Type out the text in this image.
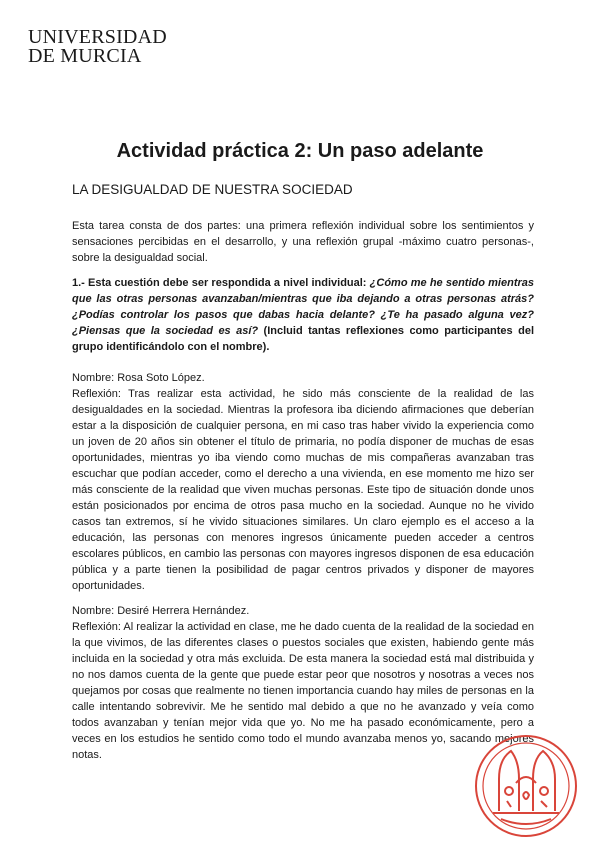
UNIVERSIDAD
DE MURCIA
Actividad práctica 2: Un paso adelante
LA DESIGUALDAD DE NUESTRA SOCIEDAD

Esta tarea consta de dos partes: una primera reflexión individual sobre los sentimientos y sensaciones percibidas en el desarrollo, y una reflexión grupal -máximo cuatro personas-, sobre la desigualdad social.

1.- Esta cuestión debe ser respondida a nivel individual: ¿Cómo me he sentido mientras que las otras personas avanzaban/mientras que iba dejando a otras personas atrás? ¿Podías controlar los pasos que dabas hacia delante? ¿Te ha pasado alguna vez? ¿Piensas que la sociedad es así? (Incluid tantas reflexiones como participantes del grupo identificándolo con el nombre).

Nombre: Rosa Soto López.

Reflexión: Tras realizar esta actividad, he sido más consciente de la realidad de las desigualdades en la sociedad. Mientras la profesora iba diciendo afirmaciones que deberían estar a la disposición de cualquier persona, en mi caso tras haber vivido la experiencia como un joven de 20 años sin obtener el título de primaria, no podía disponer de muchas de esas oportunidades, mientras yo iba viendo como muchas de mis compañeras avanzaban tras escuchar que podían acceder, como el derecho a una vivienda, en ese momento me hizo ser más consciente de la realidad que viven muchas personas. Este tipo de situación donde unos están posicionados por encima de otros pasa mucho en la sociedad. Aunque no he vivido casos tan extremos, sí he vivido situaciones similares. Un claro ejemplo es el acceso a la educación, las personas con menores ingresos únicamente pueden acceder a centros escolares públicos, en cambio las personas con mayores ingresos disponen de esa educación pública y a parte tienen la posibilidad de pagar centros privados y disponer de mayores oportunidades.

Nombre: Desiré Herrera Hernández.

Reflexión: Al realizar la actividad en clase, me he dado cuenta de la realidad de la sociedad en la que vivimos, de las diferentes clases o puestos sociales que existen, habiendo gente más incluida en la sociedad y otra más excluida. De esta manera la sociedad está mal distribuida y no nos damos cuenta de la gente que puede estar peor que nosotros y nosotras a veces nos quejamos por cosas que realmente no tienen importancia cuando hay miles de personas en la calle intentando sobrevivir. Me he sentido mal debido a que no he avanzado y veía como todos avanzaban y tenían mejor vida que yo. No me ha pasado económicamente, pero a veces en los estudios he sentido como todo el mundo avanzaba menos yo, sacando mejores notas.
